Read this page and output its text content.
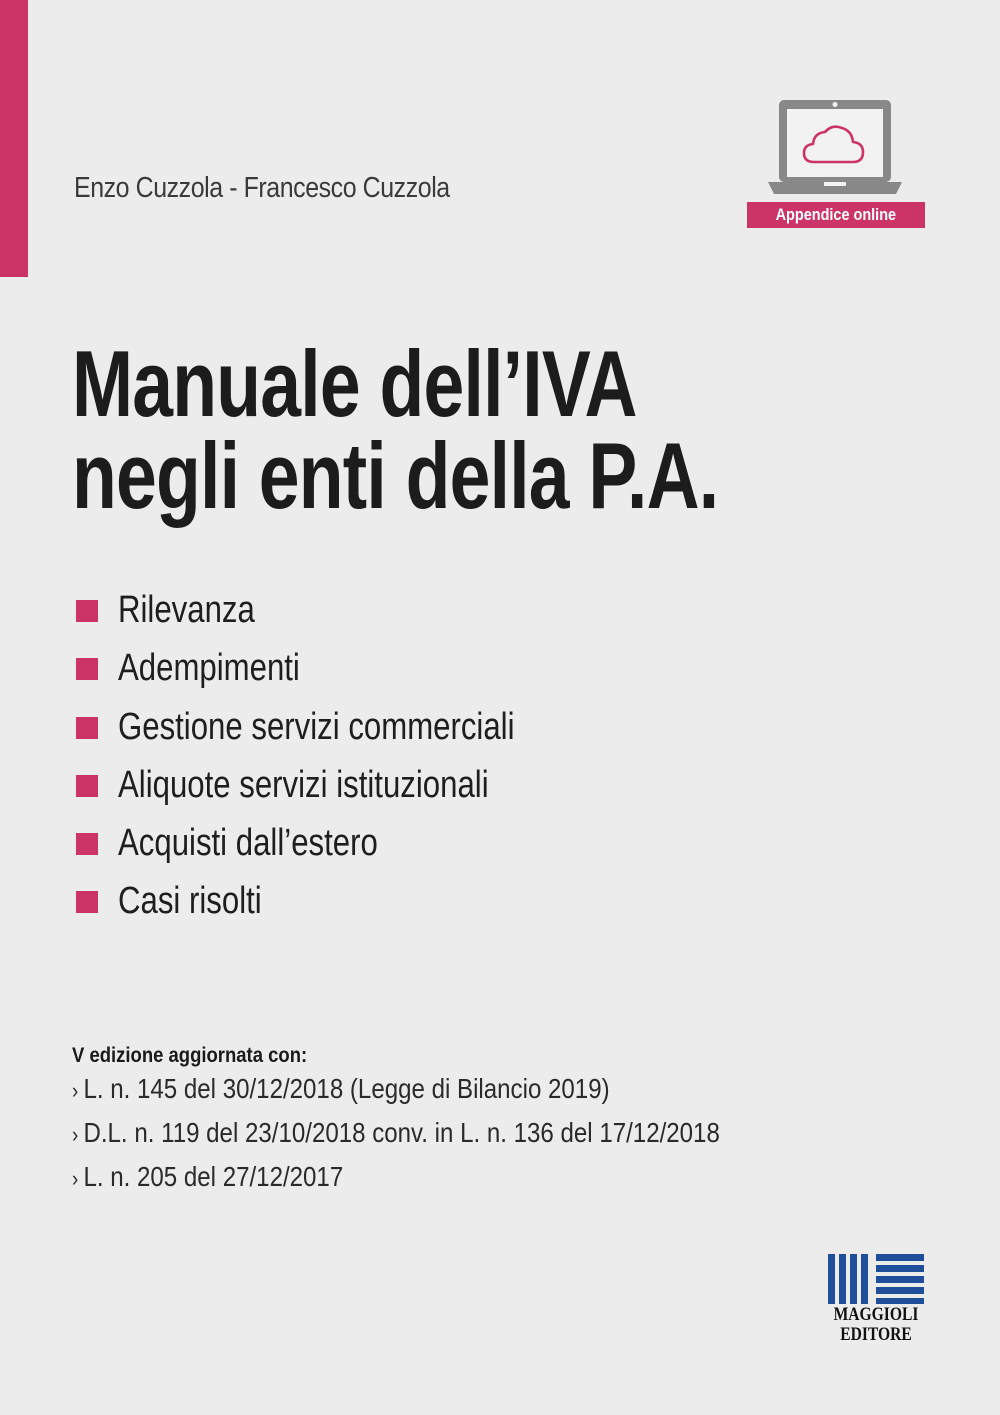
Enzo Cuzzola - Francesco Cuzzola
Appendice online
Manuale dell’IVA
negli enti della P.A.
Rilevanza
Adempimenti
Gestione servizi commerciali
Aliquote servizi istituzionali
Acquisti dall’estero
Casi risolti
V edizione aggiornata con:
› L. n. 145 del 30/12/2018 (Legge di Bilancio 2019)
› D.L. n. 119 del 23/10/2018 conv. in L. n. 136 del 17/12/2018
› L. n. 205 del 27/12/2017
MAGGIOLI
EDITORE
